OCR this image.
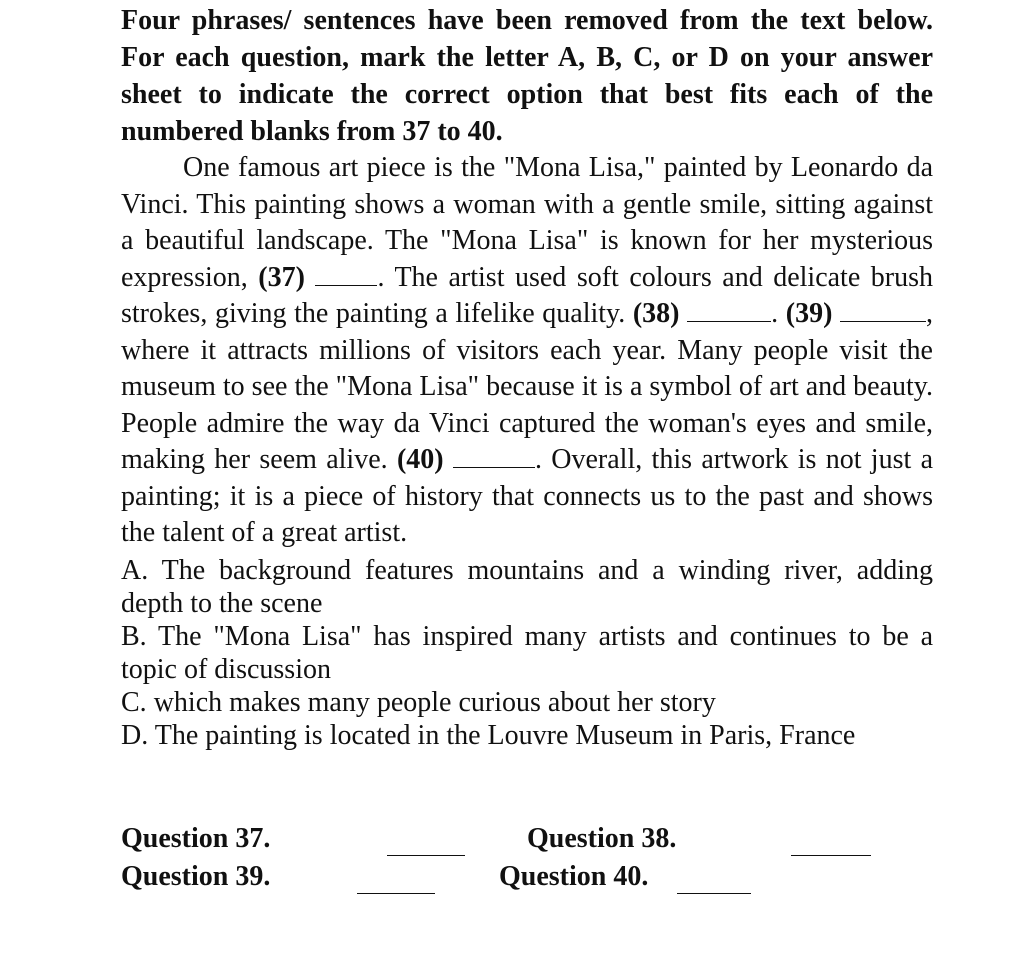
Four phrases/ sentences have been removed from the text below. For each question, mark the letter A, B, C, or D on your answer sheet to indicate the correct option that best fits each of the numbered blanks from 37 to 40.

One famous art piece is the "Mona Lisa," painted by Leonardo da Vinci. This painting shows a woman with a gentle smile, sitting against a beautiful landscape. The "Mona Lisa" is known for her mysterious expression, (37)	. The artist used soft colours and delicate brush strokes, giving the painting a lifelike quality. (38)	. (39)	, where it attracts millions of visitors each year. Many people visit the museum to see the "Mona Lisa" because it is a symbol of art and beauty. People admire the way da Vinci captured the woman's eyes and smile, making her seem alive. (40)	. Overall, this artwork is not just a painting; it is a piece of history that connects us to the past and shows the talent of a great artist.

A. The background features mountains and a winding river, adding depth to the scene

B. The "Mona Lisa" has inspired many artists and continues to be a topic of discussion

C. which makes many people curious about her story

D. The painting is located in the Louvre Museum in Paris, France

Question 37.	Question 38.
Question 39.	Question 40.
